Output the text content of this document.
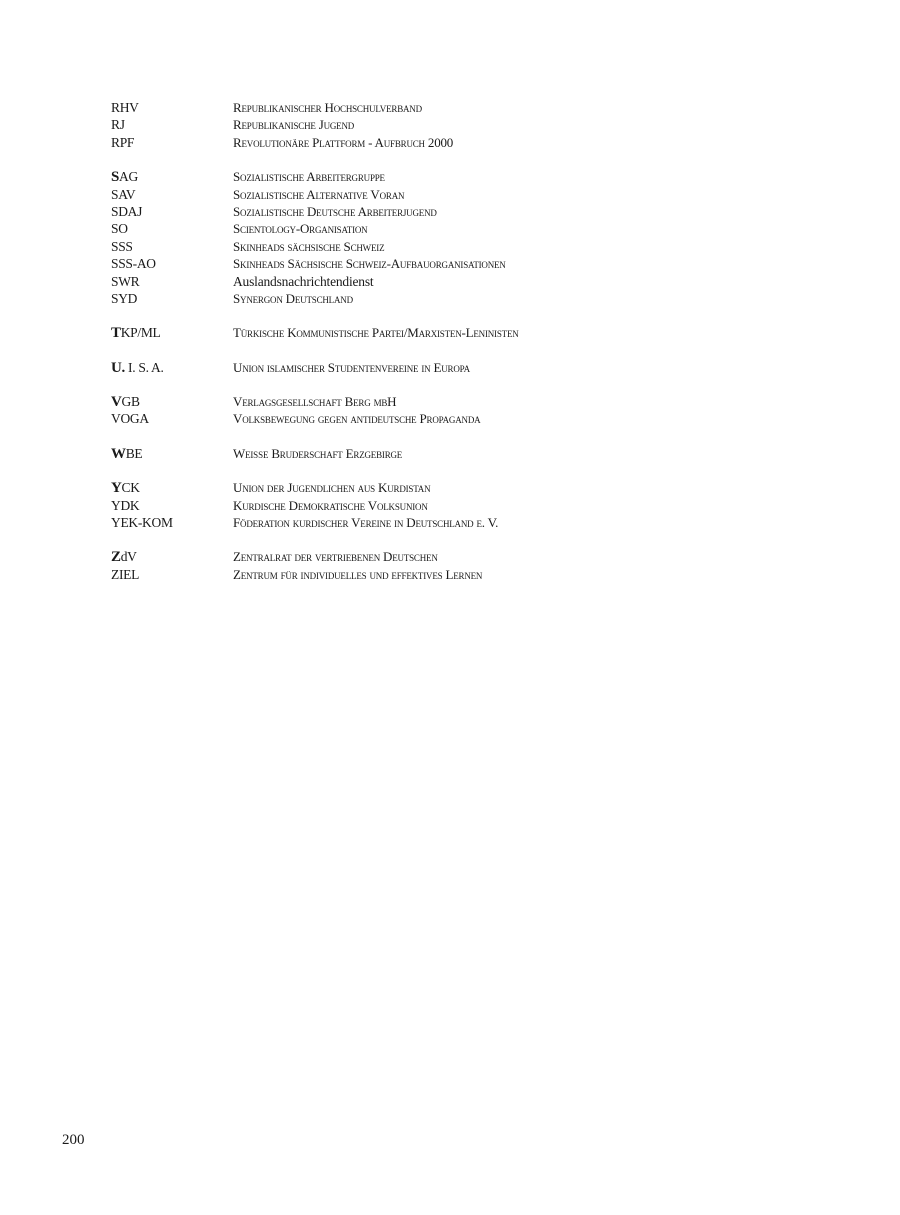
RHV	Republikanischer Hochschulverband
RJ	Republikanische Jugend
RPF	Revolutionäre Plattform - Aufbruch 2000
SAG	Sozialistische Arbeitergruppe
SAV	Sozialistische Alternative Voran
SDAJ	Sozialistische Deutsche Arbeiterjugend
SO	Scientology-Organisation
SSS	Skinheads sächsische Schweiz
SSS-AO	Skinheads Sächsische Schweiz-Aufbauorganisationen
SWR	Auslandsnachrichtendienst
SYD	Synergon Deutschland
TKP/ML	Türkische Kommunistische Partei/Marxisten-Leninisten
U. I. S. A.	Union islamischer Studentenvereine in Europa
VGB	Verlagsgesellschaft Berg mbH
VOGA	Volksbewegung gegen antideutsche Propaganda
WBE	Weiße Bruderschaft Erzgebirge
YCK	Union der Jugendlichen aus Kurdistan
YDK	Kurdische Demokratische Volksunion
YEK-KOM	Föderation kurdischer Vereine in Deutschland e. V.
ZdV	Zentralrat der vertriebenen Deutschen
ZIEL	Zentrum für individuelles und effektives Lernen
200
